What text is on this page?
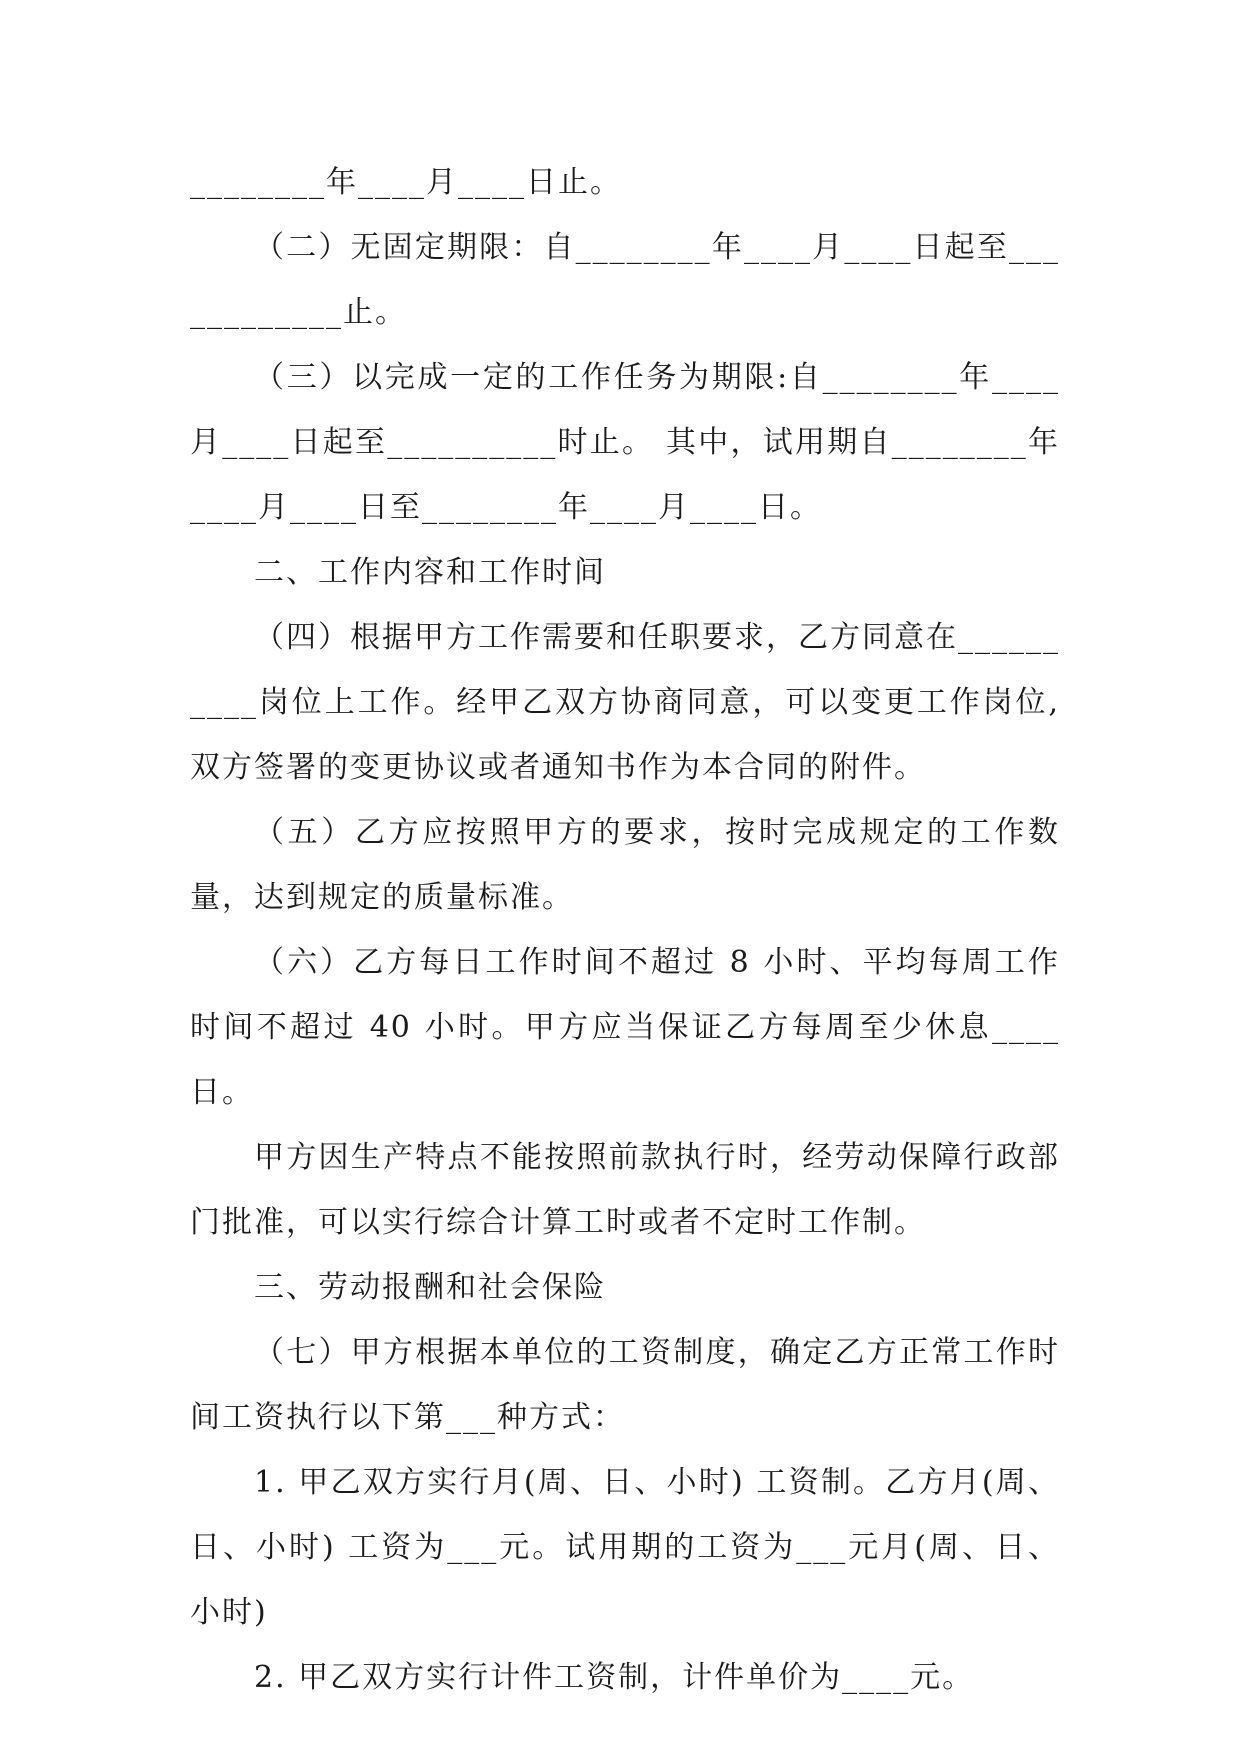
________年____月____日止。

（二）无固定期限：自________年____月____日起至____________止。

（三）以完成一定的工作任务为期限:自________年____月____日起至__________时止。 其中，试用期自________年____月____日至________年____月____日。

二、工作内容和工作时间

（四）根据甲方工作需要和任职要求，乙方同意在__________岗位上工作。经甲乙双方协商同意，可以变更工作岗位,双方签署的变更协议或者通知书作为本合同的附件。

（五）乙方应按照甲方的要求，按时完成规定的工作数量，达到规定的质量标准。

（六）乙方每日工作时间不超过 8 小时、平均每周工作时间不超过 40 小时。甲方应当保证乙方每周至少休息____日。

甲方因生产特点不能按照前款执行时，经劳动保障行政部门批准，可以实行综合计算工时或者不定时工作制。

三、劳动报酬和社会保险

（七）甲方根据本单位的工资制度，确定乙方正常工作时间工资执行以下第___种方式：

1. 甲乙双方实行月(周、日、小时) 工资制。乙方月(周、日、小时) 工资为___元。试用期的工资为___元月(周、日、小时)

2. 甲乙双方实行计件工资制，计件单价为____元。
